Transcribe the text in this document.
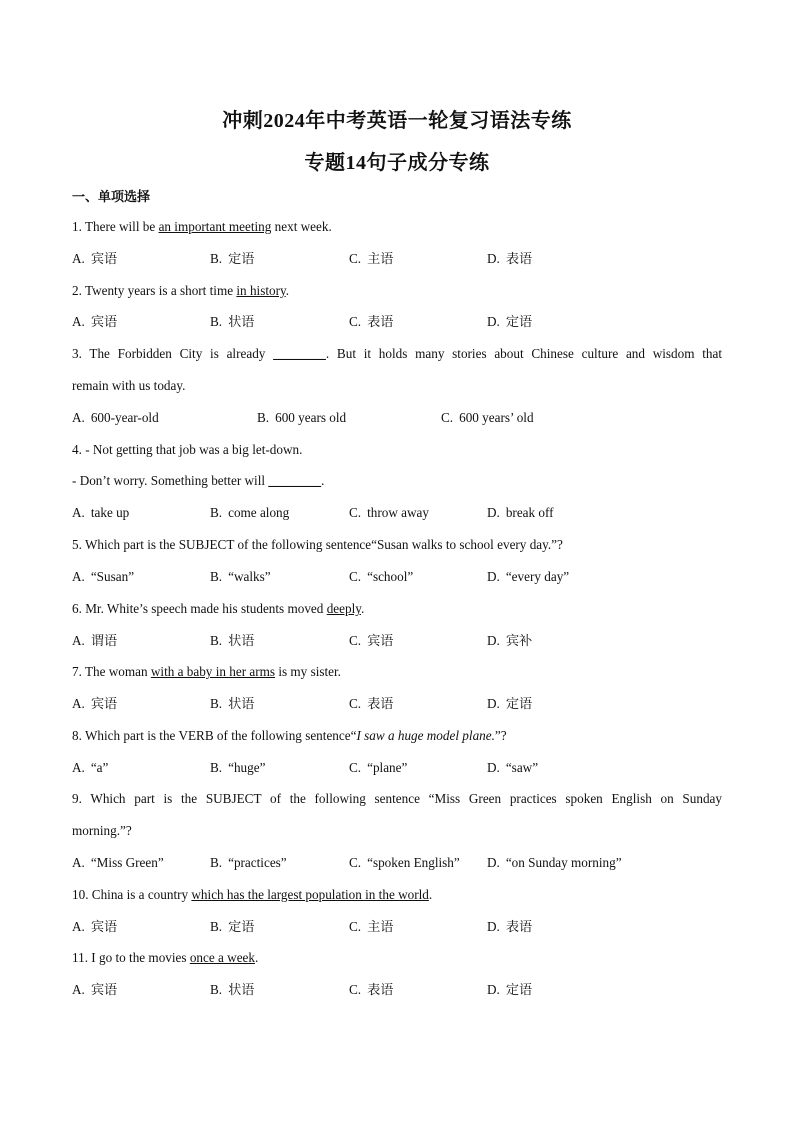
冲刺2024年中考英语一轮复习语法专练
专题14句子成分专练

一、单项选择

1. There will be an important meeting next week.

A. 宾语	B. 定语	C. 主语	D. 表语

2. Twenty years is a short time in history.

A. 宾语	B. 状语	C. 表语	D. 定语

3. The Forbidden City is already ________. But it holds many stories about Chinese culture and wisdom that

remain with us today.

A. 600-year-old	B. 600 years old	C. 600 years’ old

4. - Not getting that job was a big let-down.

- Don’t worry. Something better will ________.

A. take up	B. come along	C. throw away	D. break off

5. Which part is the SUBJECT of the following sentence“Susan walks to school every day.”?

A. “Susan”	B. “walks”	C. “school”	D. “every day”

6. Mr. White’s speech made his students moved deeply.

A. 谓语	B. 状语	C. 宾语	D. 宾补

7. The woman with a baby in her arms is my sister.

A. 宾语	B. 状语	C. 表语	D. 定语

8. Which part is the VERB of the following sentence“I saw a huge model plane.”?

A. “a”	B. “huge”	C. “plane”	D. “saw”

9. Which part is the SUBJECT of the following sentence “Miss Green practices spoken English on Sunday

morning.”?

A. “Miss Green”	B. “practices”	C. “spoken English” D. “on Sunday morning”

10. China is a country which has the largest population in the world.

A. 宾语	B. 定语	C. 主语	D. 表语

11. I go to the movies once a week.

A. 宾语	B. 状语	C. 表语	D. 定语
